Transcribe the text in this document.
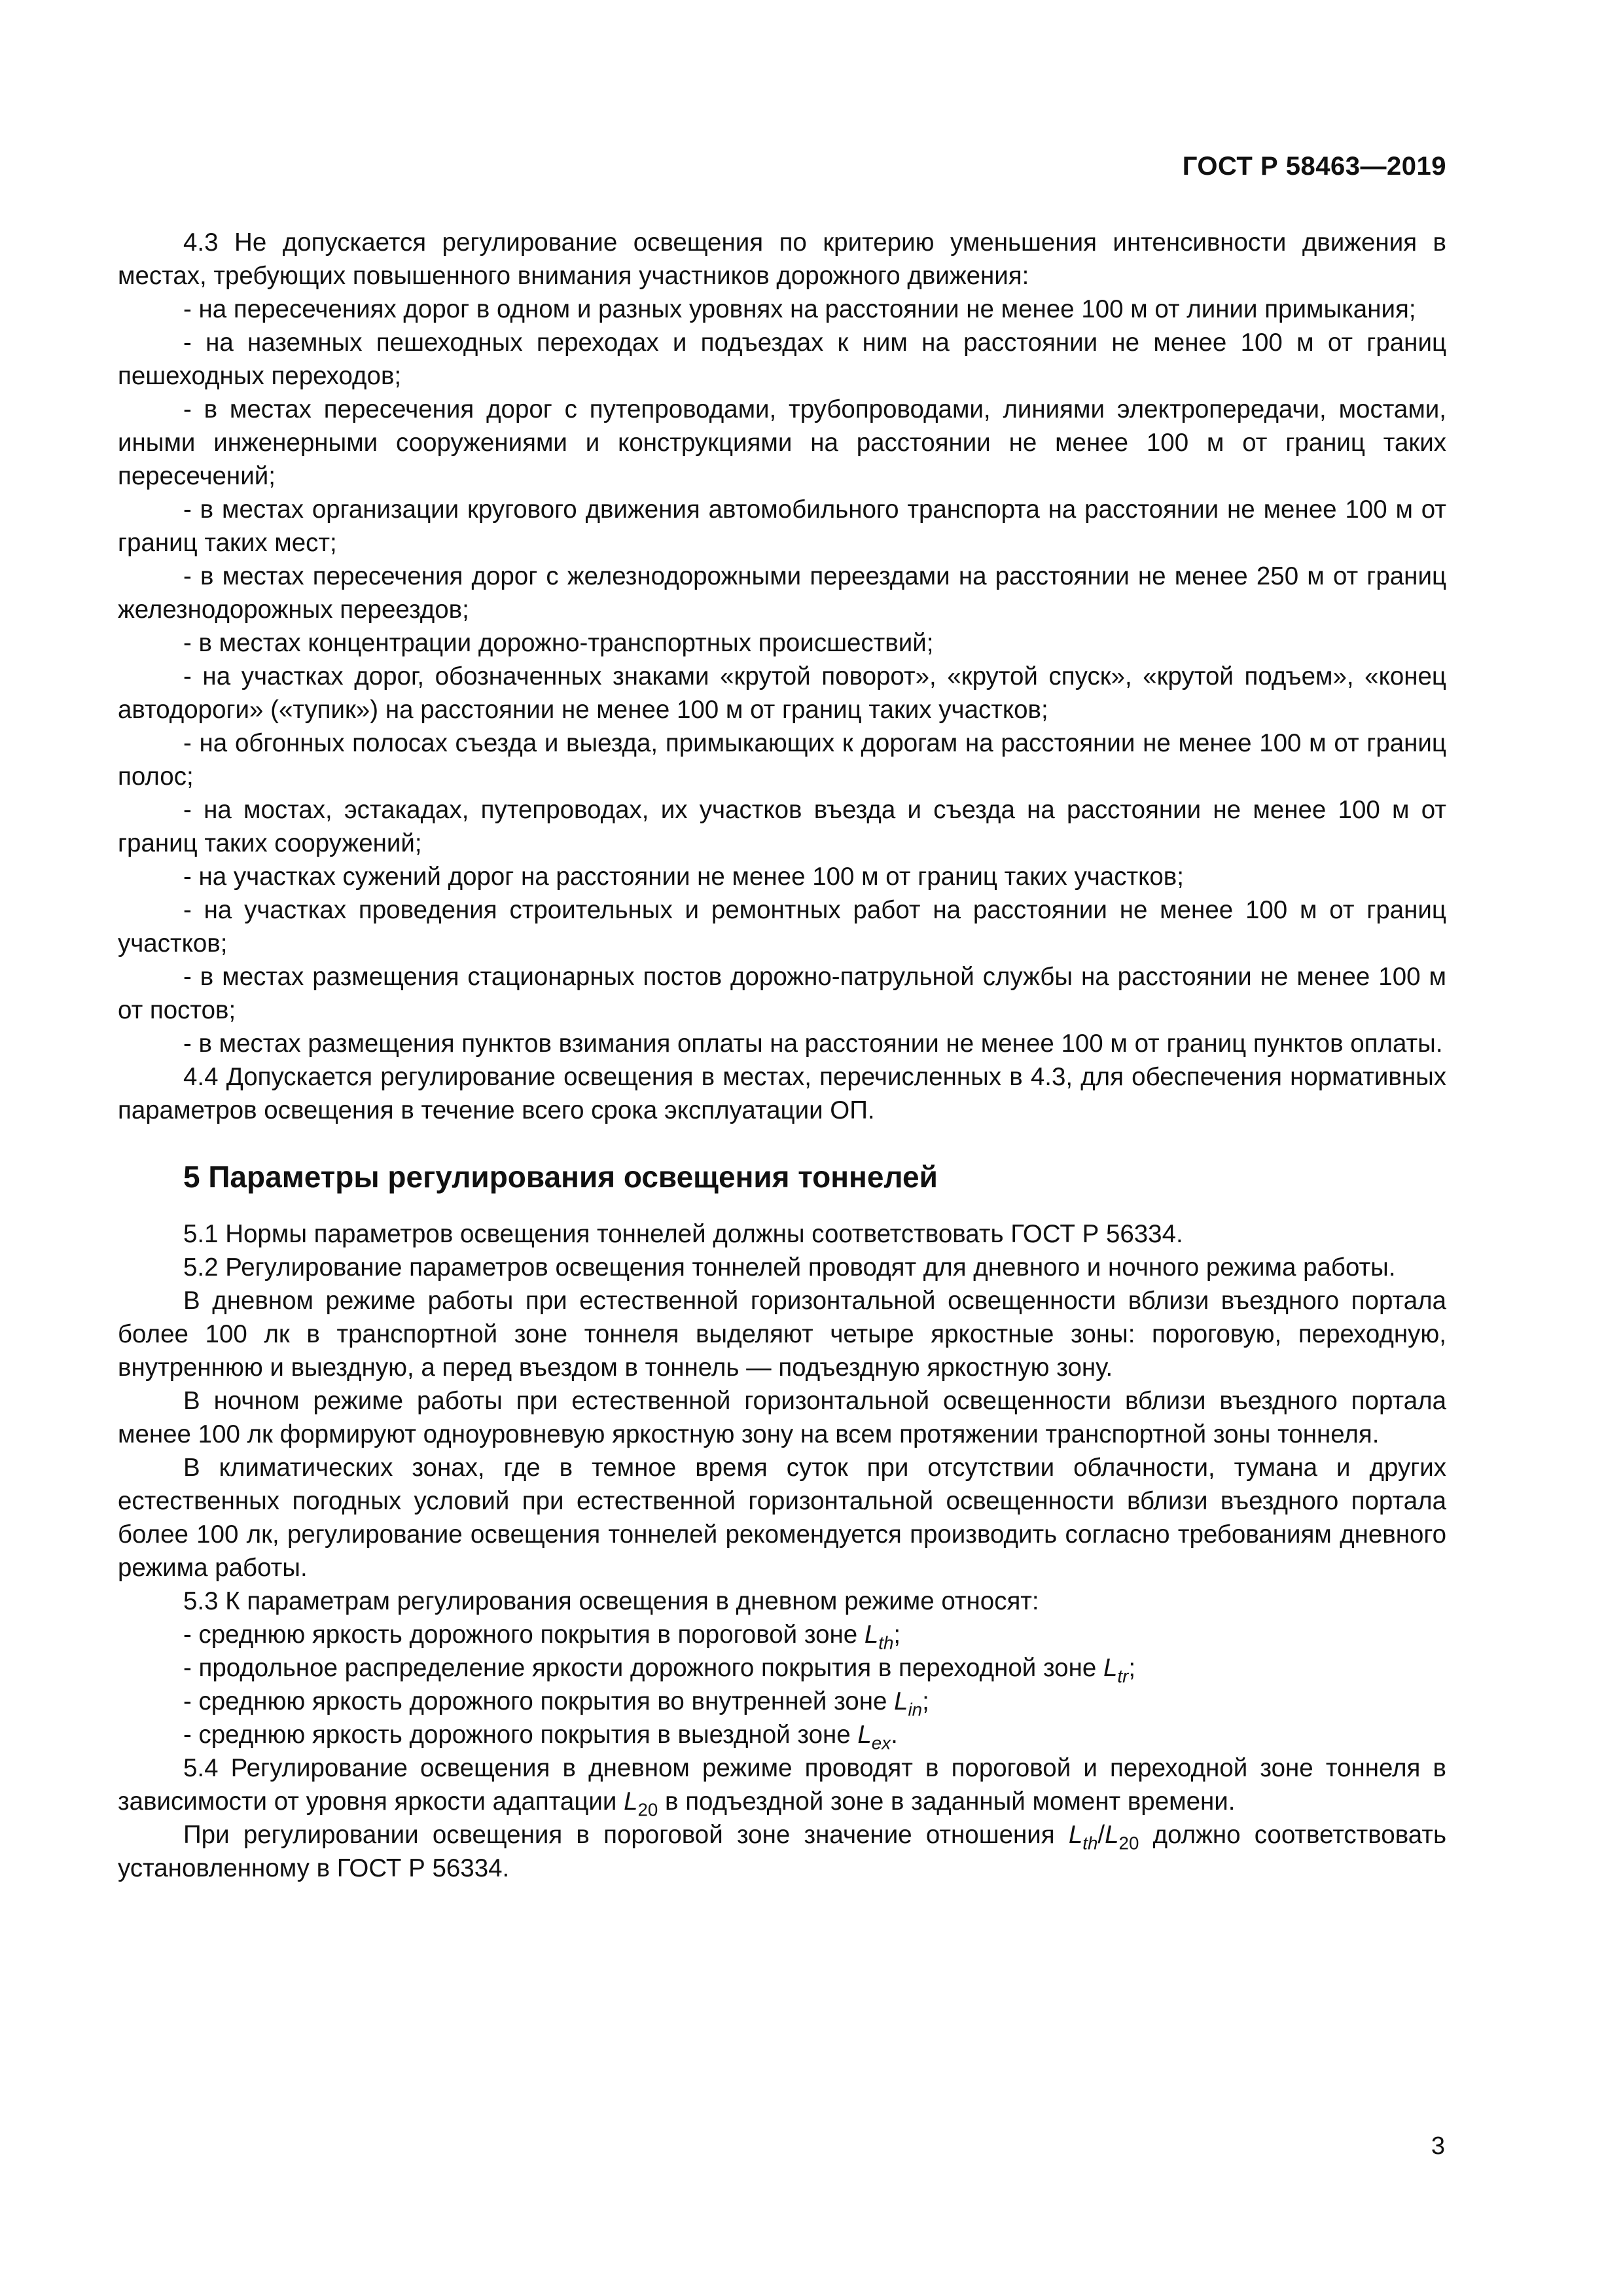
ГОСТ Р 58463—2019

4.3 Не допускается регулирование освещения по критерию уменьшения интенсивности движения в местах, требующих повышенного внимания участников дорожного движения:

- на пересечениях дорог в одном и разных уровнях на расстоянии не менее 100 м от линии примыкания;

- на наземных пешеходных переходах и подъездах к ним на расстоянии не менее 100 м от границ пешеходных переходов;

- в местах пересечения дорог с путепроводами, трубопроводами, линиями электропередачи, мостами, иными инженерными сооружениями и конструкциями на расстоянии не менее 100 м от границ таких пересечений;

- в местах организации кругового движения автомобильного транспорта на расстоянии не менее 100 м от границ таких мест;

- в местах пересечения дорог с железнодорожными переездами на расстоянии не менее 250 м от границ железнодорожных переездов;

- в местах концентрации дорожно-транспортных происшествий;

- на участках дорог, обозначенных знаками «крутой поворот», «крутой спуск», «крутой подъем», «конец автодороги» («тупик») на расстоянии не менее 100 м от границ таких участков;

- на обгонных полосах съезда и выезда, примыкающих к дорогам на расстоянии не менее 100 м от границ полос;

- на мостах, эстакадах, путепроводах, их участков въезда и съезда на расстоянии не менее 100 м от границ таких сооружений;

- на участках сужений дорог на расстоянии не менее 100 м от границ таких участков;

- на участках проведения строительных и ремонтных работ на расстоянии не менее 100 м от границ участков;

- в местах размещения стационарных постов дорожно-патрульной службы на расстоянии не менее 100 м от постов;

- в местах размещения пунктов взимания оплаты на расстоянии не менее 100 м от границ пунктов оплаты.

4.4 Допускается регулирование освещения в местах, перечисленных в 4.3, для обеспечения нормативных параметров освещения в течение всего срока эксплуатации ОП.

5 Параметры регулирования освещения тоннелей

5.1 Нормы параметров освещения тоннелей должны соответствовать ГОСТ Р 56334.

5.2 Регулирование параметров освещения тоннелей проводят для дневного и ночного режима работы.

В дневном режиме работы при естественной горизонтальной освещенности вблизи въездного портала более 100 лк в транспортной зоне тоннеля выделяют четыре яркостные зоны: пороговую, переходную, внутреннюю и выездную, а перед въездом в тоннель — подъездную яркостную зону.

В ночном режиме работы при естественной горизонтальной освещенности вблизи въездного портала менее 100 лк формируют одноуровневую яркостную зону на всем протяжении транспортной зоны тоннеля.

В климатических зонах, где в темное время суток при отсутствии облачности, тумана и других естественных погодных условий при естественной горизонтальной освещенности вблизи въездного портала более 100 лк, регулирование освещения тоннелей рекомендуется производить согласно требованиям дневного режима работы.

5.3 К параметрам регулирования освещения в дневном режиме относят:

- среднюю яркость дорожного покрытия в пороговой зоне $L_{th}$;

- продольное распределение яркости дорожного покрытия в переходной зоне $L_{tr}$;

- среднюю яркость дорожного покрытия во внутренней зоне $L_{in}$;

- среднюю яркость дорожного покрытия в выездной зоне $L_{ex}$.

5.4 Регулирование освещения в дневном режиме проводят в пороговой и переходной зоне тоннеля в зависимости от уровня яркости адаптации $L_{20}$ в подъездной зоне в заданный момент времени.

При регулировании освещения в пороговой зоне значение отношения $L_{th}/L_{20}$ должно соответствовать установленному в ГОСТ Р 56334.

3
